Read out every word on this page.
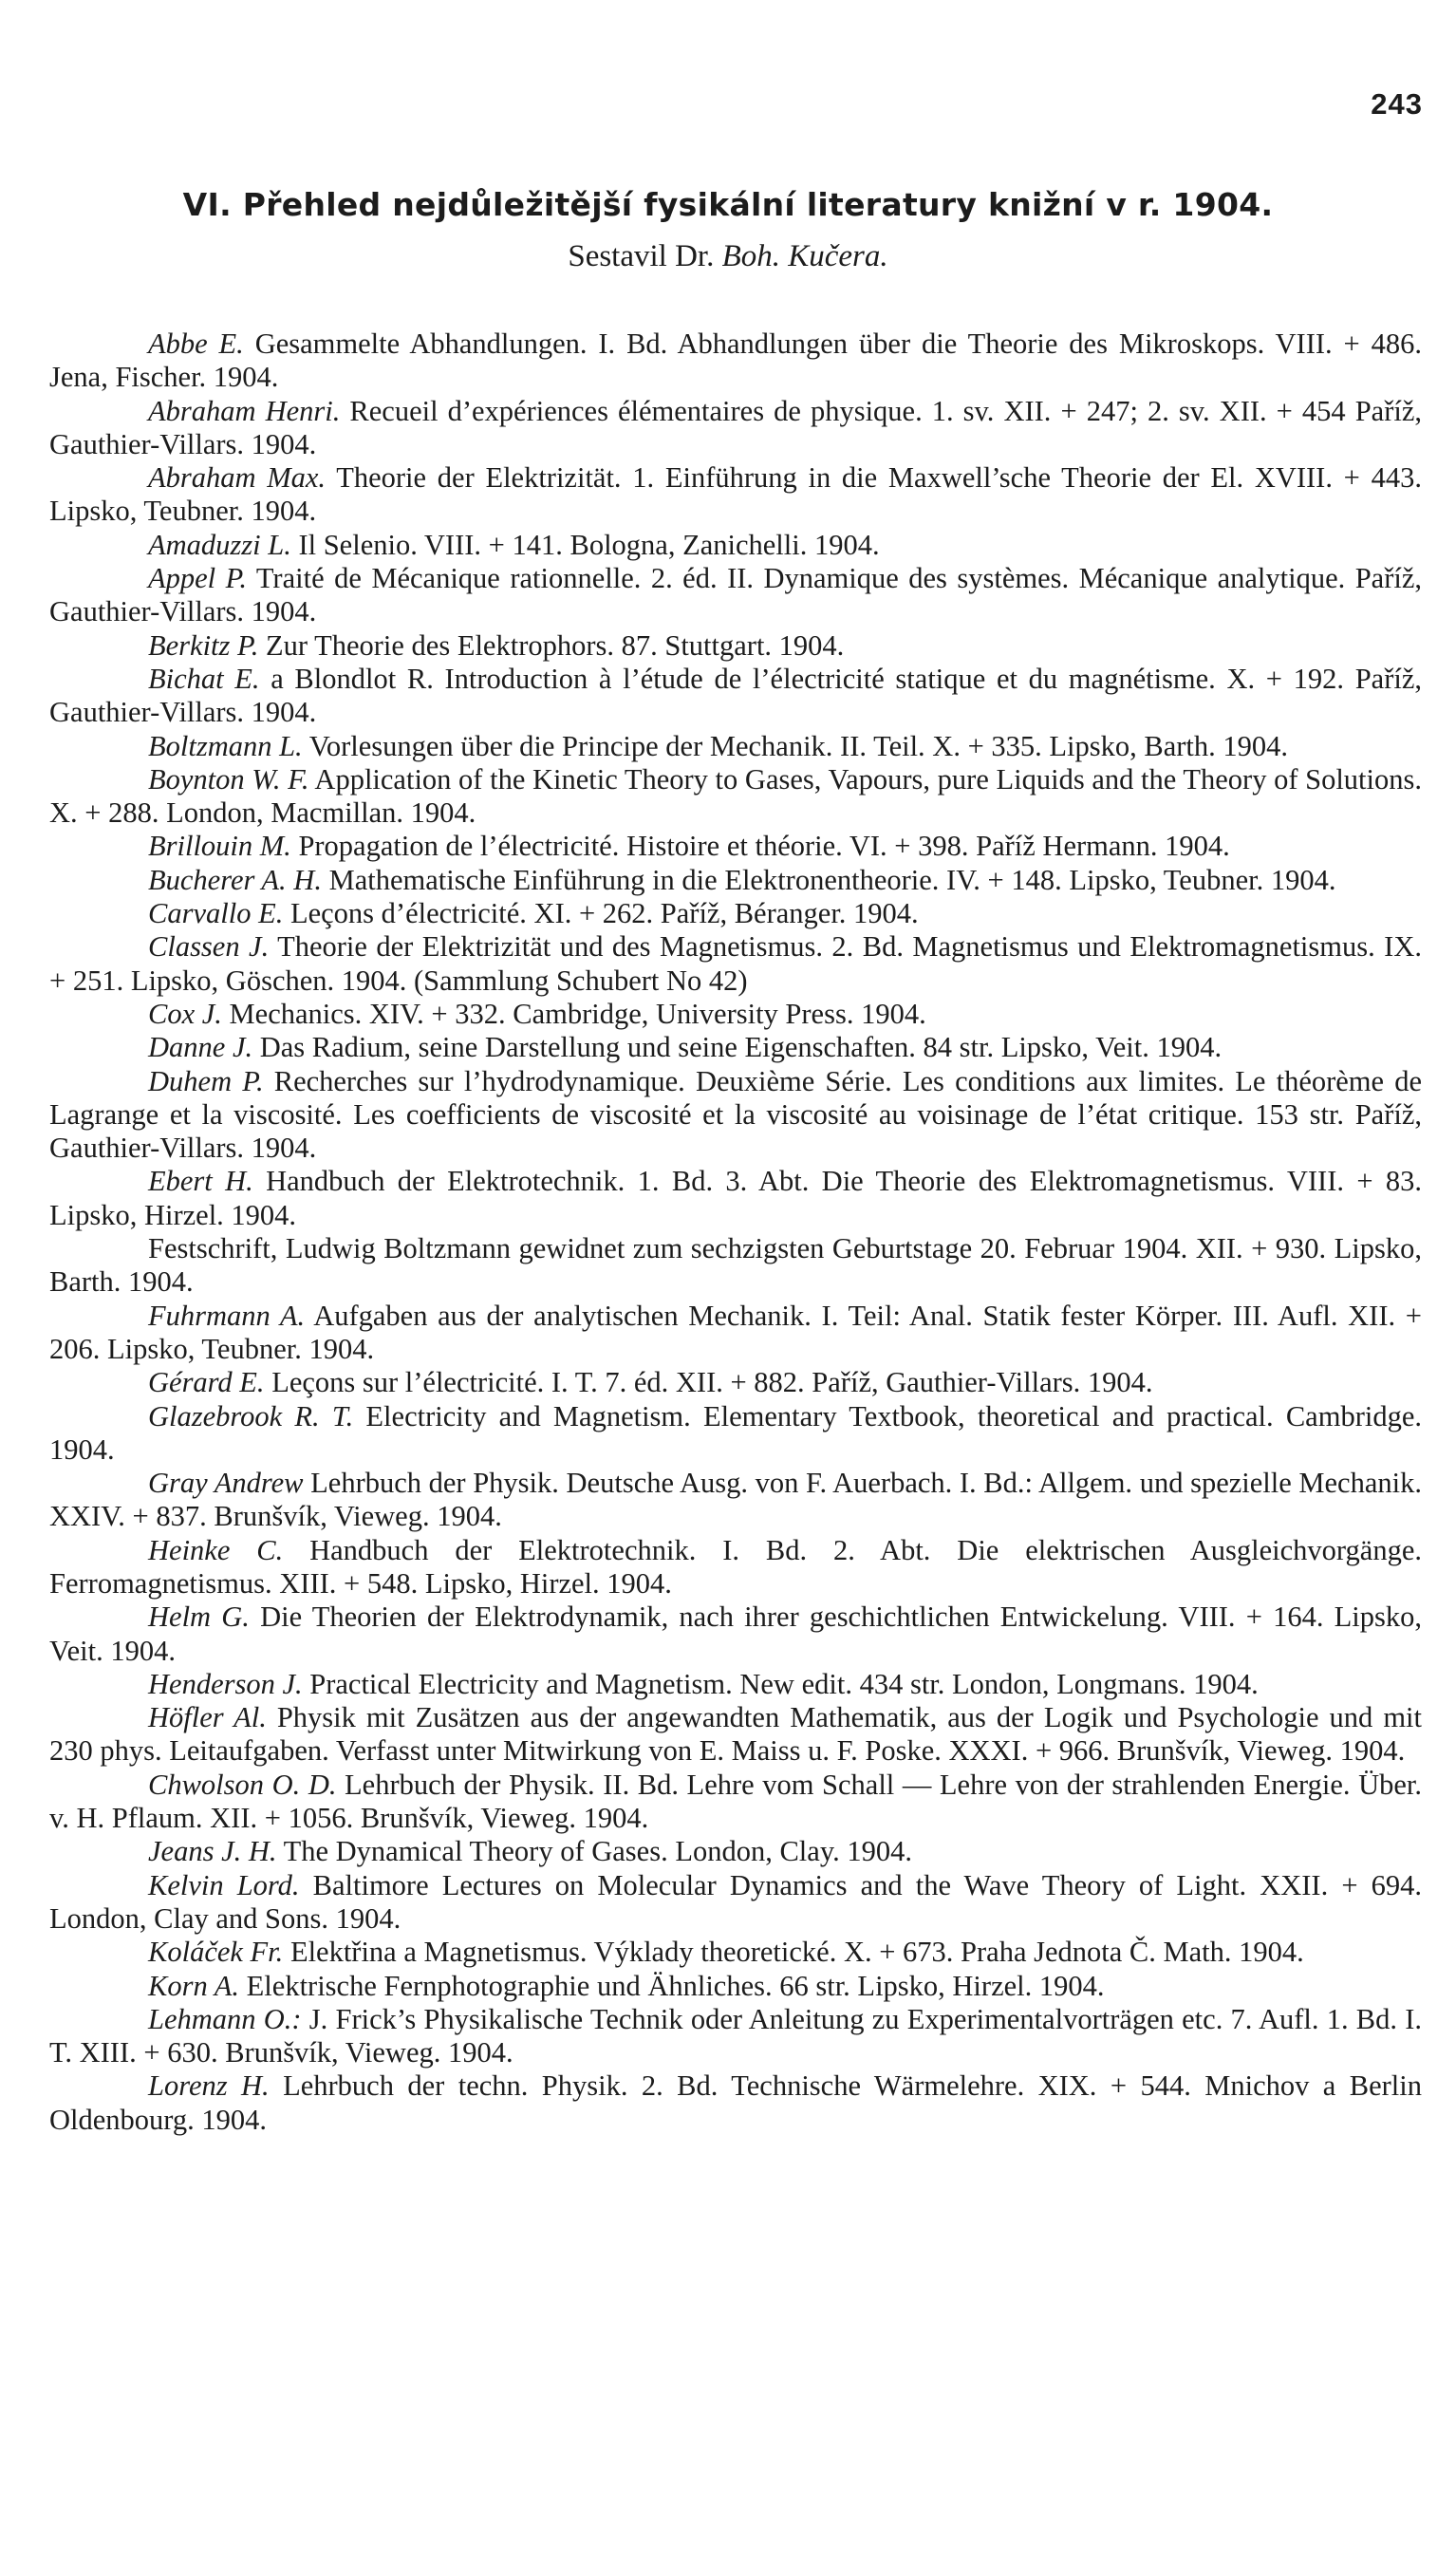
243
VI. Přehled nejdůležitější fysikální literatury knižní v r. 1904.
Sestavil Dr. Boh. Kučera.

Abbe E. Gesammelte Abhandlungen. I. Bd. Abhandlungen über die Theorie des Mikroskops. VIII. + 486. Jena, Fischer. 1904.

Abraham Henri. Recueil d’expériences élémentaires de physique. 1. sv. XII. + 247; 2. sv. XII. + 454 Paříž, Gauthier-Villars. 1904.

Abraham Max. Theorie der Elektrizität. 1. Einführung in die Maxwell’sche Theorie der El. XVIII. + 443. Lipsko, Teubner. 1904.

Amaduzzi L. Il Selenio. VIII. + 141. Bologna, Zanichelli. 1904.

Appel P. Traité de Mécanique rationnelle. 2. éd. II. Dynamique des systèmes. Mécanique analytique. Paříž, Gauthier-Villars. 1904.

Berkitz P. Zur Theorie des Elektrophors. 87. Stuttgart. 1904.

Bichat E. a Blondlot R. Introduction à l’étude de l’électricité statique et du magnétisme. X. + 192. Paříž, Gauthier-Villars. 1904.

Boltzmann L. Vorlesungen über die Principe der Mechanik. II. Teil. X. + 335. Lipsko, Barth. 1904.

Boynton W. F. Application of the Kinetic Theory to Gases, Vapours, pure Liquids and the Theory of Solutions. X. + 288. London, Macmillan. 1904.

Brillouin M. Propagation de l’électricité. Histoire et théorie. VI. + 398. Paříž Hermann. 1904.

Bucherer A. H. Mathematische Einführung in die Elektronentheorie. IV. + 148. Lipsko, Teubner. 1904.

Carvallo E. Leçons d’électricité. XI. + 262. Paříž, Béranger. 1904.

Classen J. Theorie der Elektrizität und des Magnetismus. 2. Bd. Magnetismus und Elektromagnetismus. IX. + 251. Lipsko, Göschen. 1904. (Sammlung Schubert No 42)

Cox J. Mechanics. XIV. + 332. Cambridge, University Press. 1904.

Danne J. Das Radium, seine Darstellung und seine Eigenschaften. 84 str. Lipsko, Veit. 1904.

Duhem P. Recherches sur l’hydrodynamique. Deuxième Série. Les conditions aux limites. Le théorème de Lagrange et la viscosité. Les coefficients de viscosité et la viscosité au voisinage de l’état critique. 153 str. Paříž, Gauthier-Villars. 1904.

Ebert H. Handbuch der Elektrotechnik. 1. Bd. 3. Abt. Die Theorie des Elektromagnetismus. VIII. + 83. Lipsko, Hirzel. 1904.

Festschrift, Ludwig Boltzmann gewidnet zum sechzigsten Geburtstage 20. Februar 1904. XII. + 930. Lipsko, Barth. 1904.

Fuhrmann A. Aufgaben aus der analytischen Mechanik. I. Teil: Anal. Statik fester Körper. III. Aufl. XII. + 206. Lipsko, Teubner. 1904.

Gérard E. Leçons sur l’électricité. I. T. 7. éd. XII. + 882. Paříž, Gauthier-Villars. 1904.

Glazebrook R. T. Electricity and Magnetism. Elementary Textbook, theoretical and practical. Cambridge. 1904.

Gray Andrew Lehrbuch der Physik. Deutsche Ausg. von F. Auerbach. I. Bd.: Allgem. und spezielle Mechanik. XXIV. + 837. Brunšvík, Vieweg. 1904.

Heinke C. Handbuch der Elektrotechnik. I. Bd. 2. Abt. Die elektrischen Ausgleichvorgänge. Ferromagnetismus. XIII. + 548. Lipsko, Hirzel. 1904.

Helm G. Die Theorien der Elektrodynamik, nach ihrer geschichtlichen Entwickelung. VIII. + 164. Lipsko, Veit. 1904.

Henderson J. Practical Electricity and Magnetism. New edit. 434 str. London, Longmans. 1904.

Höfler Al. Physik mit Zusätzen aus der angewandten Mathematik, aus der Logik und Psychologie und mit 230 phys. Leitaufgaben. Verfasst unter Mitwirkung von E. Maiss u. F. Poske. XXXI. + 966. Brunšvík, Vieweg. 1904.

Chwolson O. D. Lehrbuch der Physik. II. Bd. Lehre vom Schall — Lehre von der strahlenden Energie. Über. v. H. Pflaum. XII. + 1056. Brunšvík, Vieweg. 1904.

Jeans J. H. The Dynamical Theory of Gases. London, Clay. 1904.

Kelvin Lord. Baltimore Lectures on Molecular Dynamics and the Wave Theory of Light. XXII. + 694. London, Clay and Sons. 1904.

Koláček Fr. Elektřina a Magnetismus. Výklady theoretické. X. + 673. Praha Jednota Č. Math. 1904.

Korn A. Elektrische Fernphotographie und Ähnliches. 66 str. Lipsko, Hirzel. 1904.

Lehmann O.: J. Frick’s Physikalische Technik oder Anleitung zu Experimentalvorträgen etc. 7. Aufl. 1. Bd. I. T. XIII. + 630. Brunšvík, Vieweg. 1904.

Lorenz H. Lehrbuch der techn. Physik. 2. Bd. Technische Wärmelehre. XIX. + 544. Mnichov a Berlin Oldenbourg. 1904.
